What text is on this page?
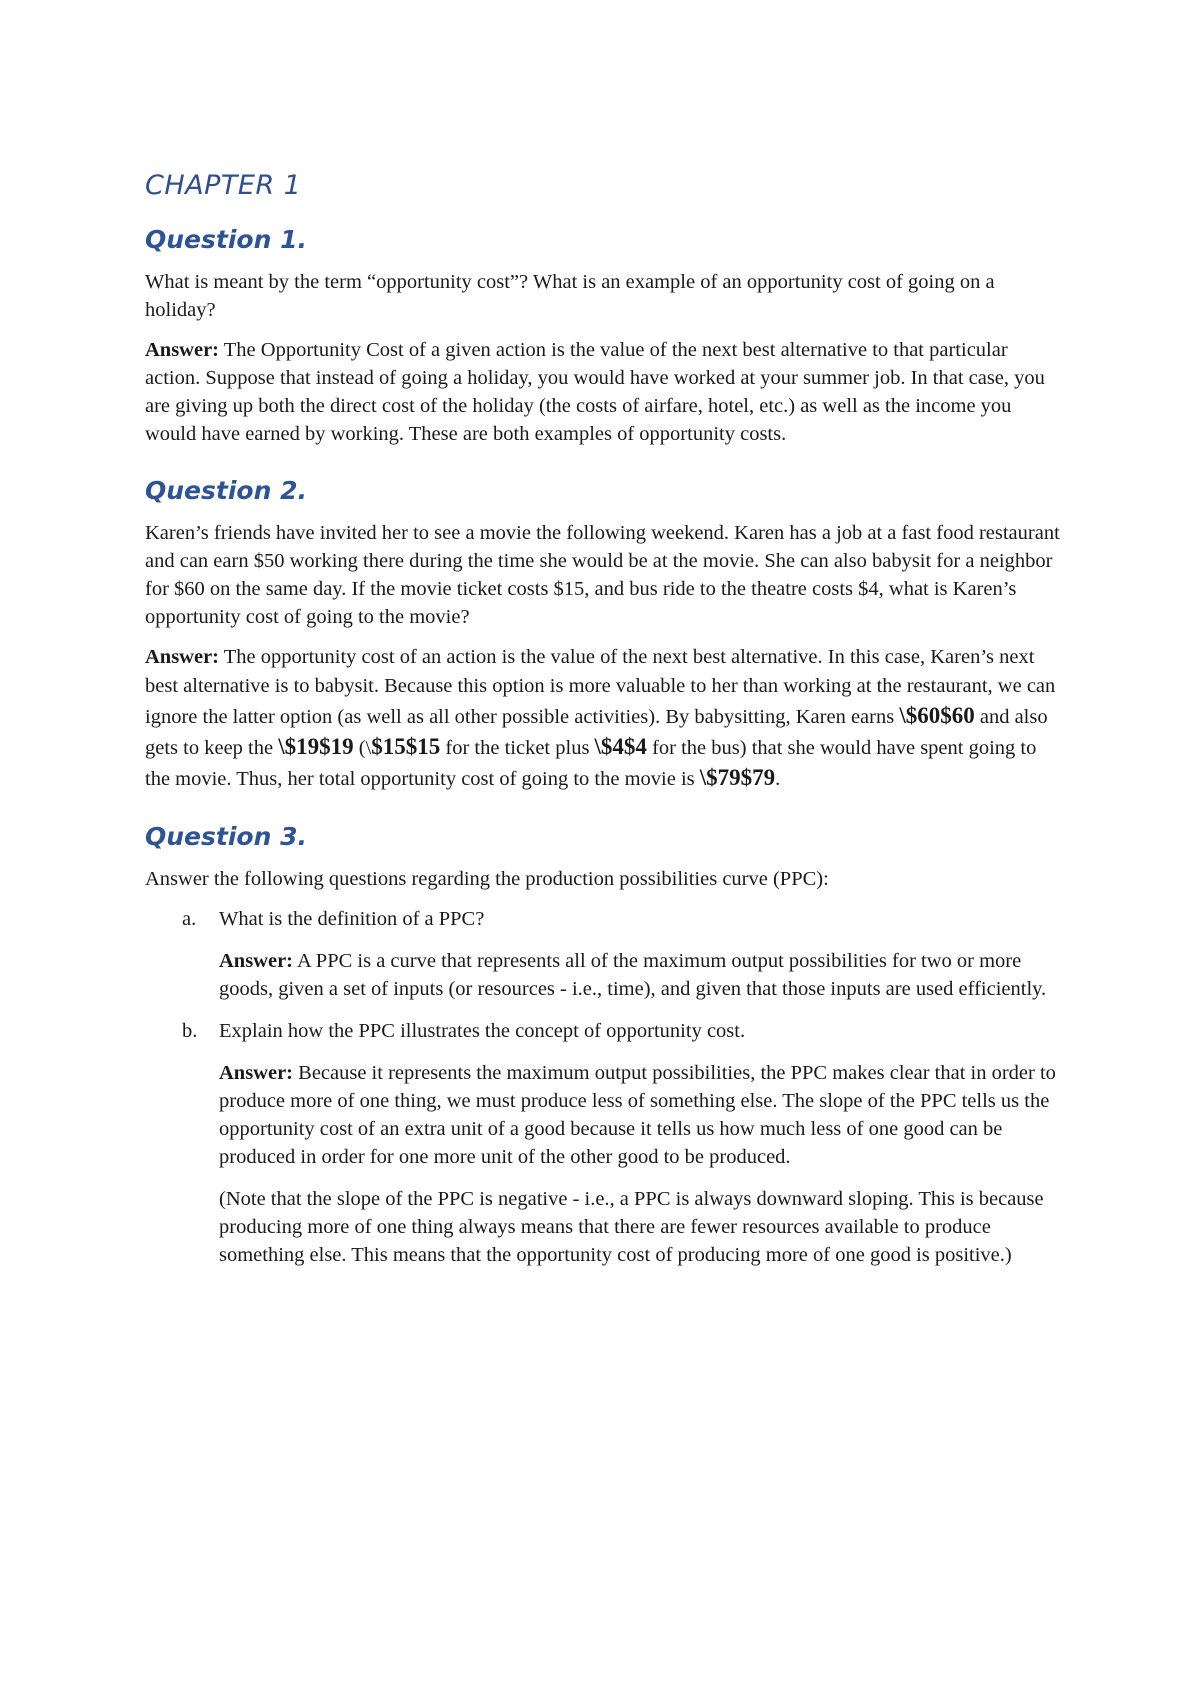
CHAPTER 1
Question 1.

What is meant by the term “opportunity cost”? What is an example of an opportunity cost of going on a holiday?

Answer: The Opportunity Cost of a given action is the value of the next best alternative to that particular action. Suppose that instead of going a holiday, you would have worked at your summer job. In that case, you are giving up both the direct cost of the holiday (the costs of airfare, hotel, etc.) as well as the income you would have earned by working. These are both examples of opportunity costs.

Question 2.

Karen’s friends have invited her to see a movie the following weekend. Karen has a job at a fast food restaurant and can earn $50 working there during the time she would be at the movie. She can also babysit for a neighbor for $60 on the same day. If the movie ticket costs $15, and bus ride to the theatre costs $4, what is Karen’s opportunity cost of going to the movie?

Answer: The opportunity cost of an action is the value of the next best alternative. In this case, Karen’s next best alternative is to babysit. Because this option is more valuable to her than working at the restaurant, we can ignore the latter option (as well as all other possible activities). By babysitting, Karen earns \$60$60 and also gets to keep the \$19$19 (\$15$15 for the ticket plus \$4$4 for the bus) that she would have spent going to the movie. Thus, her total opportunity cost of going to the movie is \$79$79.

Question 3.

Answer the following questions regarding the production possibilities curve (PPC):

a. What is the definition of a PPC?

Answer: A PPC is a curve that represents all of the maximum output possibilities for two or more goods, given a set of inputs (or resources - i.e., time), and given that those inputs are used efficiently.

b. Explain how the PPC illustrates the concept of opportunity cost.

Answer: Because it represents the maximum output possibilities, the PPC makes clear that in order to produce more of one thing, we must produce less of something else. The slope of the PPC tells us the opportunity cost of an extra unit of a good because it tells us how much less of one good can be produced in order for one more unit of the other good to be produced.

(Note that the slope of the PPC is negative - i.e., a PPC is always downward sloping. This is because producing more of one thing always means that there are fewer resources available to produce something else. This means that the opportunity cost of producing more of one good is positive.)
